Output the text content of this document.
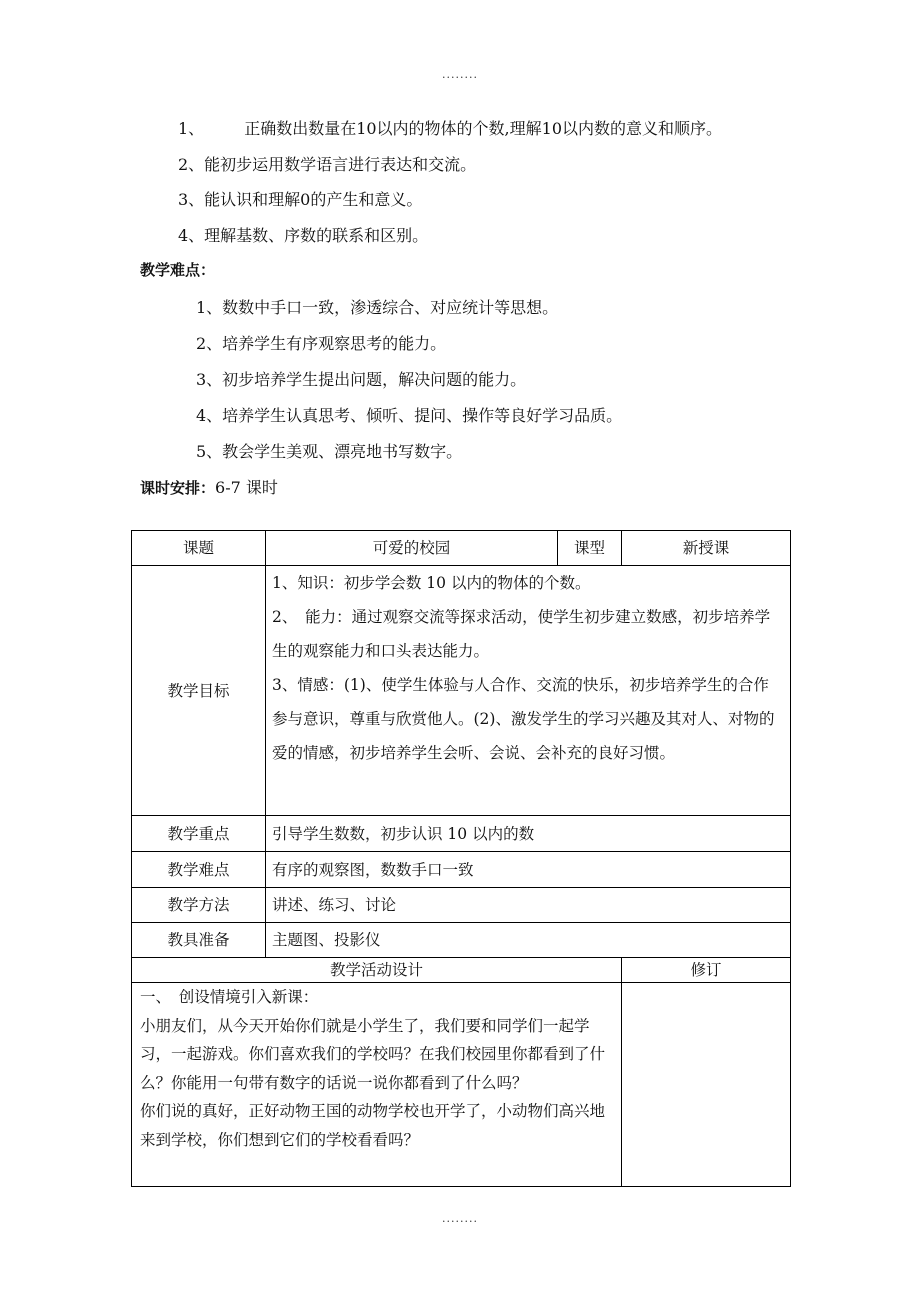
........
1、	正确数出数量在10以内的物体的个数,理解10以内数的意义和顺序。
2、能初步运用数学语言进行表达和交流。
3、能认识和理解0的产生和意义。
4、理解基数、序数的联系和区别。
教学难点：
1、数数中手口一致，渗透综合、对应统计等思想。
2、培养学生有序观察思考的能力。
3、初步培养学生提出问题，解决问题的能力。
4、培养学生认真思考、倾听、提问、操作等良好学习品质。
5、教会学生美观、漂亮地书写数字。
课时安排：6-7 课时
课题	可爱的校园	课型	新授课
教学目标	1、知识：初步学会数 10 以内的物体的个数。
2、　能力：通过观察交流等探求活动，使学生初步建立数感，初步培养学生的观察能力和口头表达能力。
3、情感：(1)、使学生体验与人合作、交流的快乐，初步培养学生的合作参与意识，尊重与欣赏他人。(2)、激发学生的学习兴趣及其对人、对物的爱的情感，初步培养学生会听、会说、会补充的良好习惯。		

教学重点	引导学生数数，初步认识 10 以内的数		
教学难点	有序的观察图，数数手口一致		
教学方法	讲述、练习、讨论		
教具准备	主题图、投影仪		
教学活动设计			修订

一、　创设情境引入新课：
小朋友们，从今天开始你们就是小学生了，我们要和同学们一起学习，一起游戏。你们喜欢我们的学校吗？在我们校园里你都看到了什么？你能用一句带有数字的话说一说你都看到了什么吗？
你们说的真好，正好动物王国的动物学校也开学了，小动物们高兴地来到学校，你们想到它们的学校看看吗？			

........
